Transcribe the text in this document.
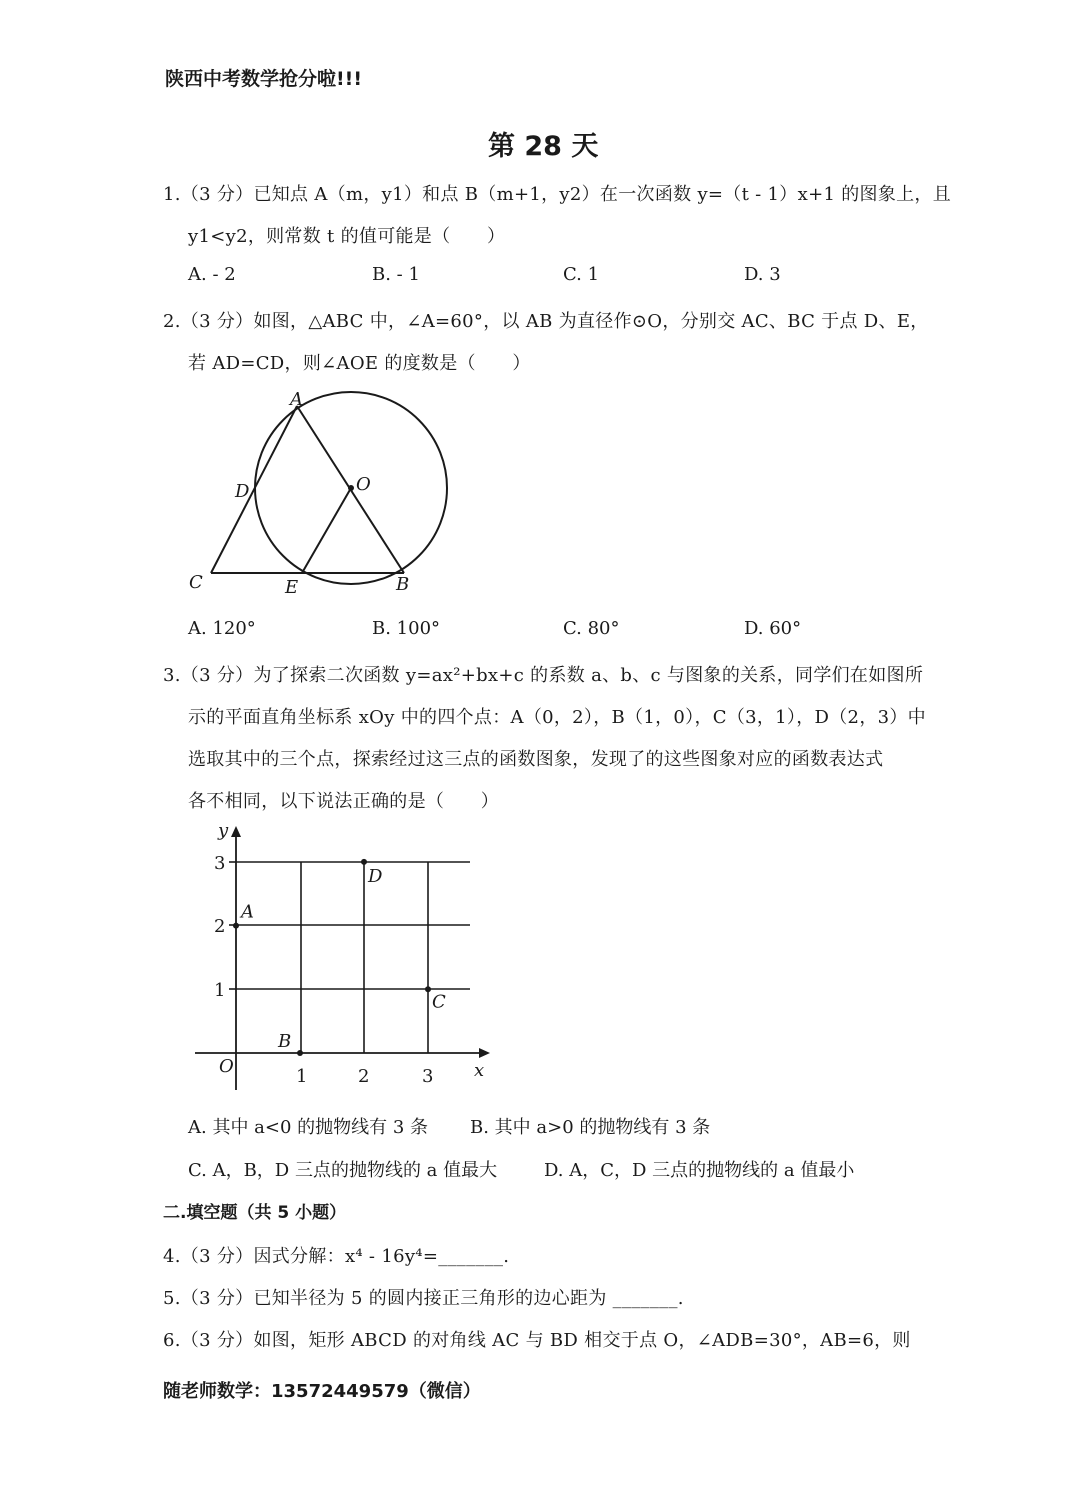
陕西中考数学抢分啦!!!
第 28 天
1.（3 分）已知点 A（m，y1）和点 B（m+1，y2）在一次函数 y=（t - 1）x+1 的图象上，且
y1<y2，则常数 t 的值可能是（　　）
A. - 2	B. - 1	C. 1	D. 3
2.（3 分）如图，△ABC 中，∠A=60°，以 AB 为直径作⊙O，分别交 AC、BC 于点 D、E，
若 AD=CD，则∠AOE 的度数是（　　）
A
D	O
C	E	B
A. 120°	B. 100°	C. 80°	D. 60°
3.（3 分）为了探索二次函数 y=ax²+bx+c 的系数 a、b、c 与图象的关系，同学们在如图所
示的平面直角坐标系 xOy 中的四个点：A（0，2），B（1，0），C（3，1），D（2，3）中
选取其中的三个点，探索经过这三点的函数图象，发现了的这些图象对应的函数表达式
各不相同，以下说法正确的是（　　）
y
x
O
3
2
1
1	2	3
A
B
C
D
A. 其中 a<0 的抛物线有 3 条 B. 其中 a>0 的抛物线有 3 条
C. A，B，D 三点的抛物线的 a 值最大	D. A，C，D 三点的抛物线的 a 值最小
二.填空题（共 5 小题）
4.（3 分）因式分解：x⁴ - 16y⁴=_______.
5.（3 分）已知半径为 5 的圆内接正三角形的边心距为 _______.
6.（3 分）如图，矩形 ABCD 的对角线 AC 与 BD 相交于点 O，∠ADB=30°，AB=6，则
随老师数学：13572449579（微信）
